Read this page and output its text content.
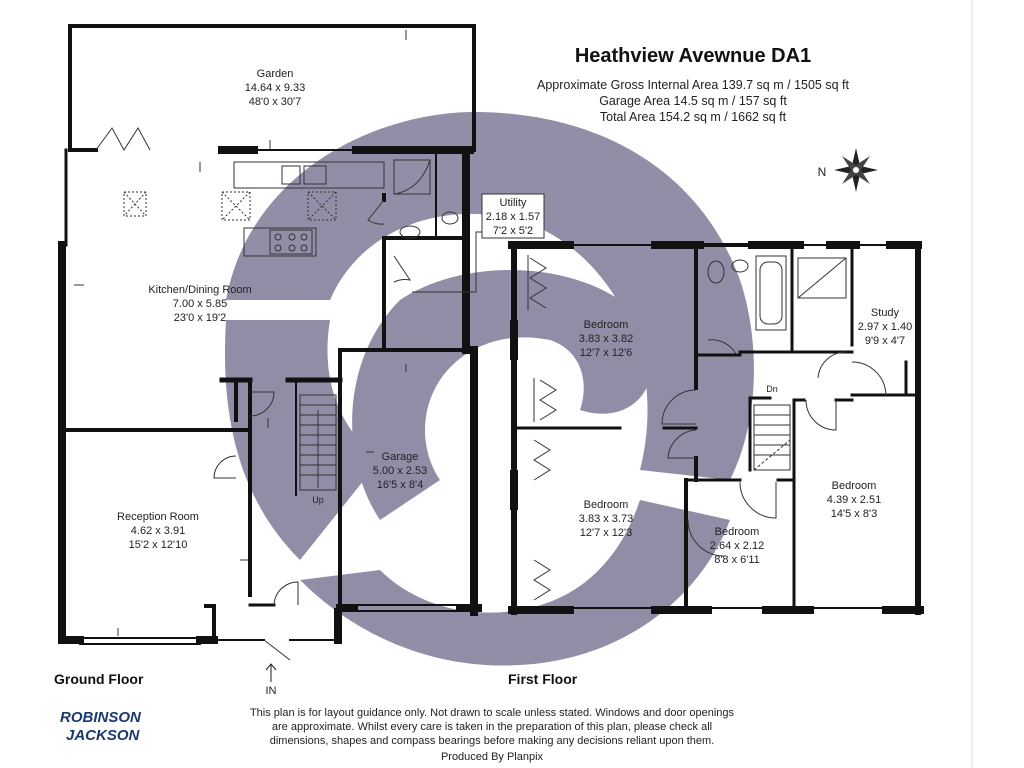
ROBINSON
JACKSON
Heathview Avewnue DA1
Approximate Gross Internal Area 139.7 sq m / 1505 sq ft
Garage Area 14.5 sq m / 157 sq ft
Total Area 154.2 sq m / 1662 sq ft
N
Garden
14.64 x 9.33
48'0 x 30'7
Kitchen/Dining Room
7.00 x 5.85
23'0 x 19'2
Utility
2.18 x 1.57
7'2 x 5'2
Garage
5.00 x 2.53
16'5 x 8'4
Reception Room
4.62 x 3.91
15'2 x 12'10
Up
IN
Bedroom
3.83 x 3.82
12'7 x 12'6
Bedroom
3.83 x 3.73
12'7 x 12'3	Bedroom
2.64 x 2.12
8'8 x 6'11
Bedroom
4.39 x 2.51
14'5 x 8'3
Study
2.97 x 1.40
9'9 x 4'7
Dn
Ground Floor	First Floor
This plan is for layout guidance only. Not drawn to scale unless stated. Windows and door openings
are approximate. Whilst every care is taken in the preparation of this plan, please check all
dimensions, shapes and compass bearings before making any decisions reliant upon them.
Produced By Planpix
